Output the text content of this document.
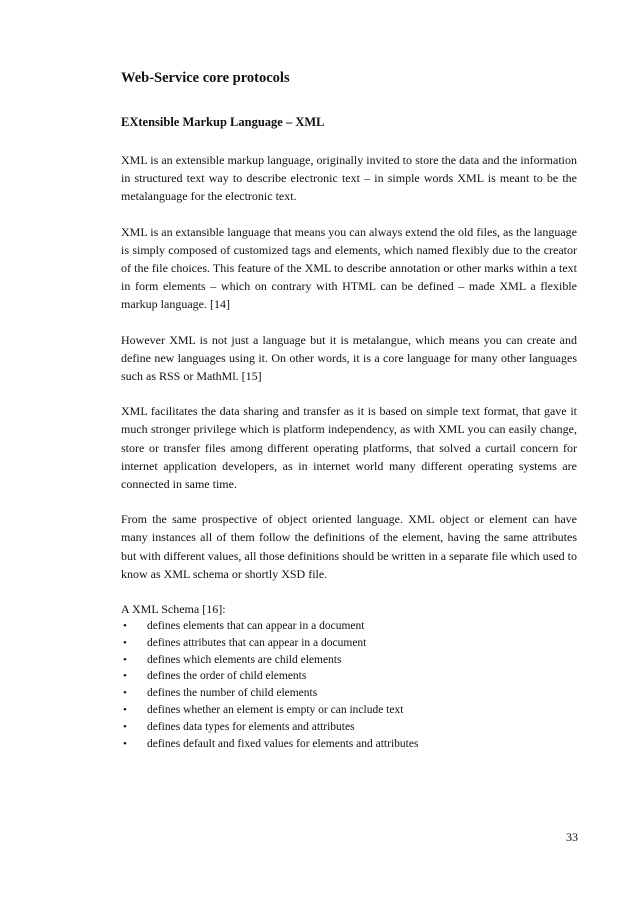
Web-Service core protocols
EXtensible Markup Language – XML

XML is an extensible markup language, originally invited to store the data and the information in structured text way to describe electronic text – in simple words XML is meant to be the metalanguage for the electronic text.

XML is an extansible language that means you can always extend the old files, as the language is simply composed of customized tags and elements, which named flexibly due to the creator of the file choices. This feature of the XML to describe annotation or other marks within a text in form elements – which on contrary with HTML can be defined – made XML a flexible markup language. [14]

However XML is not just a language but it is metalangue, which means you can create and define new languages using it. On other words, it is a core language for many other languages such as RSS or MathMl. [15]

XML facilitates the data sharing and transfer as it is based on simple text format, that gave it much stronger privilege which is platform independency, as with XML you can easily change, store or transfer files among different operating platforms, that solved a curtail concern for internet application developers, as in internet world many different operating systems are connected in same time.

From the same prospective of object oriented language. XML object or element can have many instances all of them follow the definitions of the element, having the same attributes but with different values, all those definitions should be written in a separate file which used to know as XML schema or shortly XSD file.

A XML Schema [16]:

• defines elements that can appear in a document
• defines attributes that can appear in a document
• defines which elements are child elements
• defines the order of child elements
• defines the number of child elements
• defines whether an element is empty or can include text
• defines data types for elements and attributes
• defines default and fixed values for elements and attributes
33
